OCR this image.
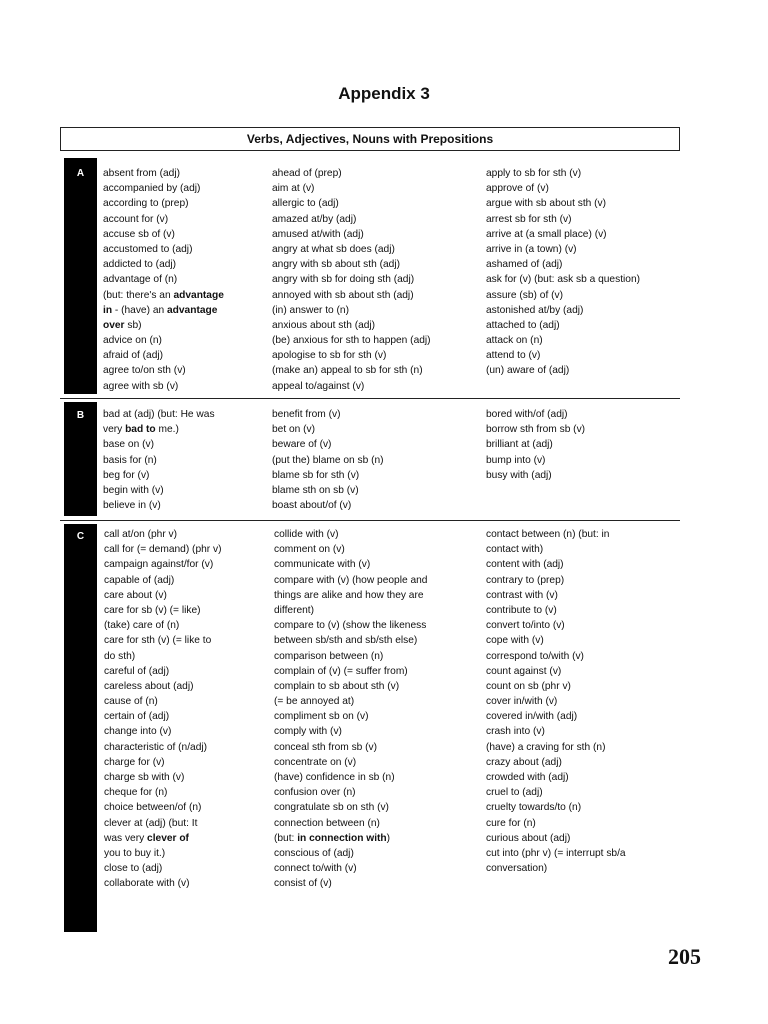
Appendix 3
Verbs, Adjectives, Nouns with Prepositions
A	absent from (adj)
accompanied by (adj)
according to (prep)
account for (v)
accuse sb of (v)
accustomed to (adj)
addicted to (adj)
advantage of (n)
(but: there's an advantage
in - (have) an advantage
over sb)
advice on (n)
afraid of (adj)
agree to/on sth (v)
agree with sb (v)
ahead of (prep)
aim at (v)
allergic to (adj)
amazed at/by (adj)
amused at/with (adj)
angry at what sb does (adj)
angry with sb about sth (adj)
angry with sb for doing sth (adj)
annoyed with sb about sth (adj)
(in) answer to (n)
anxious about sth (adj)
(be) anxious for sth to happen (adj)
apologise to sb for sth (v)
(make an) appeal to sb for sth (n)
appeal to/against (v)
apply to sb for sth (v)
approve of (v)
argue with sb about sth (v)
arrest sb for sth (v)
arrive at (a small place) (v)
arrive in (a town) (v)
ashamed of (adj)
ask for (v) (but: ask sb a question)
assure (sb) of (v)
astonished at/by (adj)
attached to (adj)
attack on (n)
attend to (v)
(un) aware of (adj)
B	bad at (adj) (but: He was
very bad to me.)
base on (v)
basis for (n)
beg for (v)
begin with (v)
believe in (v)
benefit from (v)
bet on (v)
beware of (v)
(put the) blame on sb (n)
blame sb for sth (v)
blame sth on sb (v)
boast about/of (v)
bored with/of (adj)
borrow sth from sb (v)
brilliant at (adj)
bump into (v)
busy with (adj)
C	call at/on (phr v)
call for (= demand) (phr v)
campaign against/for (v)
capable of (adj)
care about (v)
care for sb (v) (= like)
(take) care of (n)
care for sth (v) (= like to
do sth)
careful of (adj)
careless about (adj)
cause of (n)
certain of (adj)
change into (v)
characteristic of (n/adj)
charge for (v)
charge sb with (v)
cheque for (n)
choice between/of (n)
clever at (adj) (but: It
was very clever of
you to buy it.)
close to (adj)
collaborate with (v)
collide with (v)
comment on (v)
communicate with (v)
compare with (v) (how people and
things are alike and how they are
different)
compare to (v) (show the likeness
between sb/sth and sb/sth else)
comparison between (n)
complain of (v) (= suffer from)
complain to sb about sth (v)
(= be annoyed at)
compliment sb on (v)
comply with (v)
conceal sth from sb (v)
concentrate on (v)
(have) confidence in sb (n)
confusion over (n)
congratulate sb on sth (v)
connection between (n)
(but: in connection with)
conscious of (adj)
connect to/with (v)
consist of (v)
contact between (n) (but: in
contact with)
content with (adj)
contrary to (prep)
contrast with (v)
contribute to (v)
convert to/into (v)
cope with (v)
correspond to/with (v)
count against (v)
count on sb (phr v)
cover in/with (v)
covered in/with (adj)
crash into (v)
(have) a craving for sth (n)
crazy about (adj)
crowded with (adj)
cruel to (adj)
cruelty towards/to (n)
cure for (n)
curious about (adj)
cut into (phr v) (= interrupt sb/a
conversation)
205
